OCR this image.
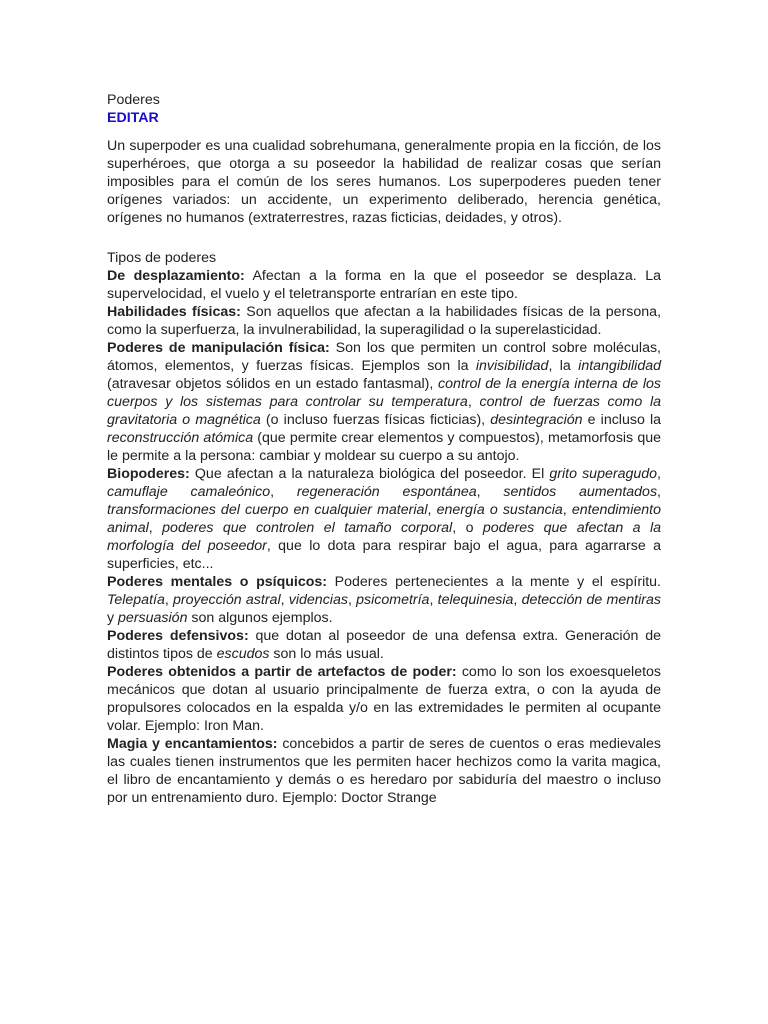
Poderes

EDITAR

Un superpoder es una cualidad sobrehumana, generalmente propia en la ficción, de los superhéroes, que otorga a su poseedor la habilidad de realizar cosas que serían imposibles para el común de los seres humanos. Los superpoderes pueden tener orígenes variados: un accidente, un experimento deliberado, herencia genética, orígenes no humanos (extraterrestres, razas ficticias, deidades, y otros).

Tipos de poderes

De desplazamiento: Afectan a la forma en la que el poseedor se desplaza. La supervelocidad, el vuelo y el teletransporte entrarían en este tipo.

Habilidades físicas: Son aquellos que afectan a la habilidades físicas de la persona, como la superfuerza, la invulnerabilidad, la superagilidad o la superelasticidad.

Poderes de manipulación física: Son los que permiten un control sobre moléculas, átomos, elementos, y fuerzas físicas. Ejemplos son la invisibilidad, la intangibilidad (atravesar objetos sólidos en un estado fantasmal), control de la energía interna de los cuerpos y los sistemas para controlar su temperatura, control de fuerzas como la gravitatoria o magnética (o incluso fuerzas físicas ficticias), desintegración e incluso la reconstrucción atómica (que permite crear elementos y compuestos), metamorfosis que le permite a la persona: cambiar y moldear su cuerpo a su antojo.

Biopoderes: Que afectan a la naturaleza biológica del poseedor. El grito superagudo, camuflaje camaleónico, regeneración espontánea, sentidos aumentados, transformaciones del cuerpo en cualquier material, energía o sustancia, entendimiento animal, poderes que controlen el tamaño corporal, o poderes que afectan a la morfología del poseedor, que lo dota para respirar bajo el agua, para agarrarse a superficies, etc...

Poderes mentales o psíquicos: Poderes pertenecientes a la mente y el espíritu. Telepatía, proyección astral, videncias, psicometría, telequinesia, detección de mentiras y persuasión son algunos ejemplos.

Poderes defensivos: que dotan al poseedor de una defensa extra. Generación de distintos tipos de escudos son lo más usual.

Poderes obtenidos a partir de artefactos de poder: como lo son los exoesqueletos mecánicos que dotan al usuario principalmente de fuerza extra, o con la ayuda de propulsores colocados en la espalda y/o en las extremidades le permiten al ocupante volar. Ejemplo: Iron Man.

Magia y encantamientos: concebidos a partir de seres de cuentos o eras medievales las cuales tienen instrumentos que les permiten hacer hechizos como la varita magica, el libro de encantamiento y demás o es heredaro por sabiduría del maestro o incluso por un entrenamiento duro. Ejemplo: Doctor Strange
